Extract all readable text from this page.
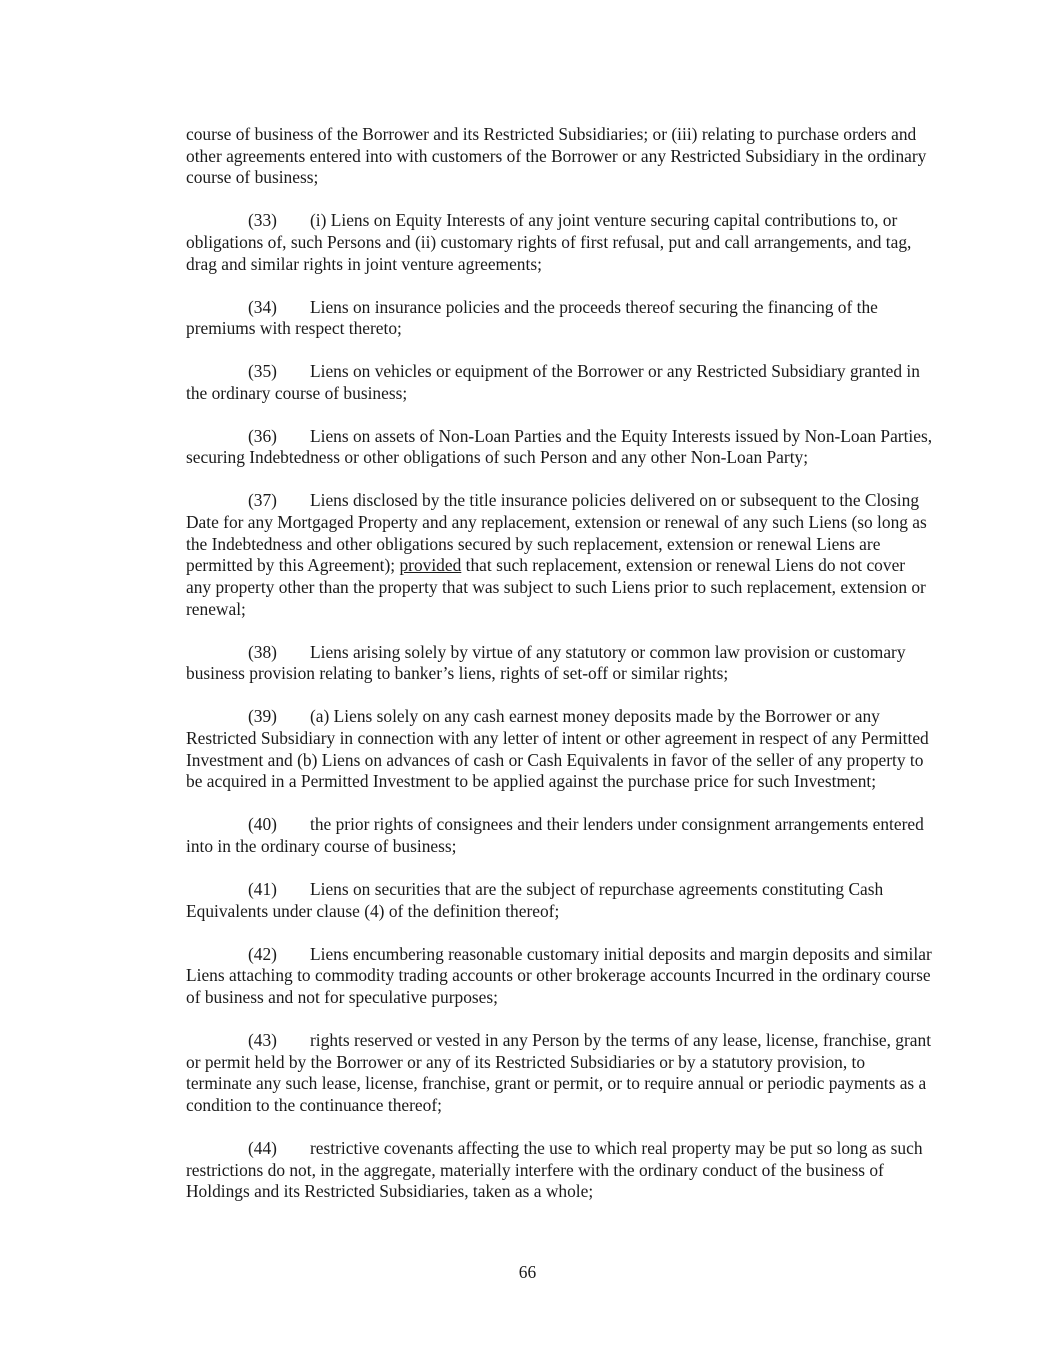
course of business of the Borrower and its Restricted Subsidiaries; or (iii) relating to purchase orders and other agreements entered into with customers of the Borrower or any Restricted Subsidiary in the ordinary course of business;

(33) (i) Liens on Equity Interests of any joint venture securing capital contributions to, or obligations of, such Persons and (ii) customary rights of first refusal, put and call arrangements, and tag, drag and similar rights in joint venture agreements;

(34) Liens on insurance policies and the proceeds thereof securing the financing of the premiums with respect thereto;

(35) Liens on vehicles or equipment of the Borrower or any Restricted Subsidiary granted in the ordinary course of business;

(36) Liens on assets of Non-Loan Parties and the Equity Interests issued by Non-Loan Parties, securing Indebtedness or other obligations of such Person and any other Non-Loan Party;

(37) Liens disclosed by the title insurance policies delivered on or subsequent to the Closing Date for any Mortgaged Property and any replacement, extension or renewal of any such Liens (so long as the Indebtedness and other obligations secured by such replacement, extension or renewal Liens are permitted by this Agreement); provided that such replacement, extension or renewal Liens do not cover any property other than the property that was subject to such Liens prior to such replacement, extension or renewal;

(38) Liens arising solely by virtue of any statutory or common law provision or customary business provision relating to banker’s liens, rights of set-off or similar rights;

(39) (a) Liens solely on any cash earnest money deposits made by the Borrower or any Restricted Subsidiary in connection with any letter of intent or other agreement in respect of any Permitted Investment and (b) Liens on advances of cash or Cash Equivalents in favor of the seller of any property to be acquired in a Permitted Investment to be applied against the purchase price for such Investment;

(40) the prior rights of consignees and their lenders under consignment arrangements entered into in the ordinary course of business;

(41) Liens on securities that are the subject of repurchase agreements constituting Cash Equivalents under clause (4) of the definition thereof;

(42) Liens encumbering reasonable customary initial deposits and margin deposits and similar Liens attaching to commodity trading accounts or other brokerage accounts Incurred in the ordinary course of business and not for speculative purposes;

(43) rights reserved or vested in any Person by the terms of any lease, license, franchise, grant or permit held by the Borrower or any of its Restricted Subsidiaries or by a statutory provision, to terminate any such lease, license, franchise, grant or permit, or to require annual or periodic payments as a condition to the continuance thereof;

(44) restrictive covenants affecting the use to which real property may be put so long as such restrictions do not, in the aggregate, materially interfere with the ordinary conduct of the business of Holdings and its Restricted Subsidiaries, taken as a whole;

66
